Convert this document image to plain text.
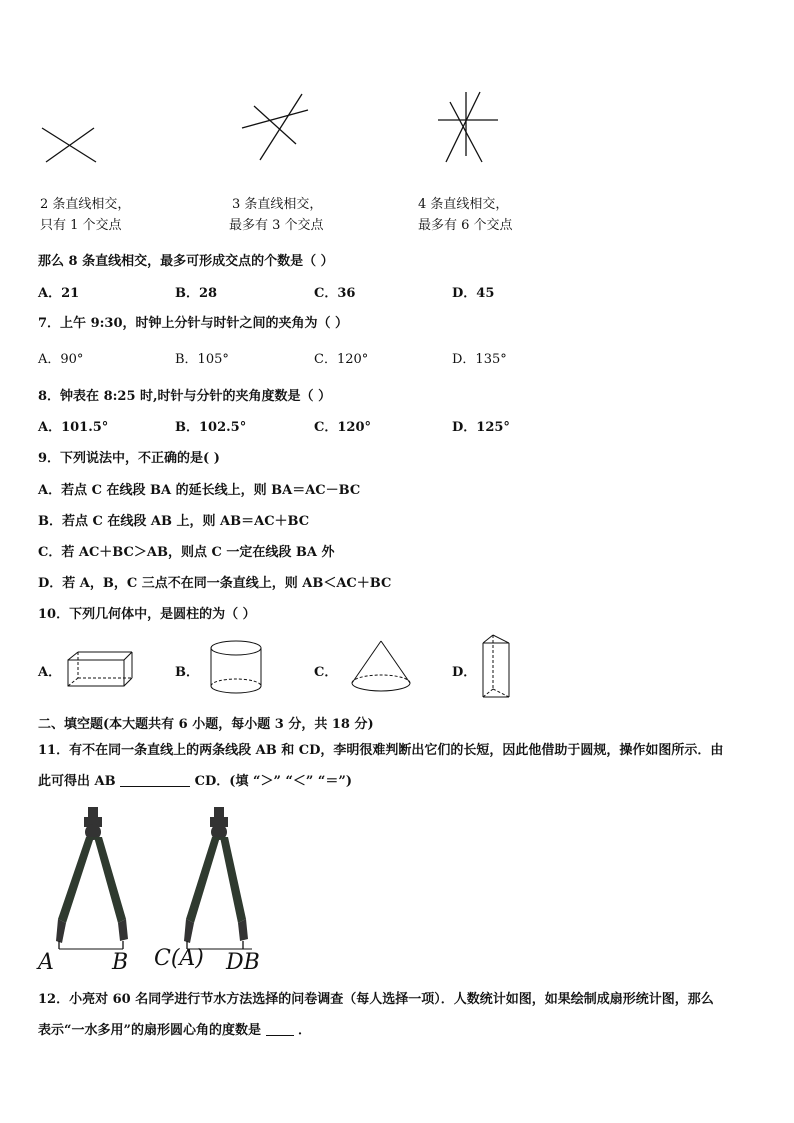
2 条直线相交，
只有 1 个交点
3 条直线相交，
最多有 3 个交点
4 条直线相交，
最多有 6 个交点
那么 8 条直线相交，最多可形成交点的个数是（ ）
A．21	B．28	C．36	D．45
7．上午 9:30，时钟上分针与时针之间的夹角为（ ）
A．90°	B．105°	C．120°	D．135°
8．钟表在 8:25 时,时针与分针的夹角度数是（ ）
A．101.5°	B．102.5°	C．120°	D．125°
9．下列说法中，不正确的是( )
A．若点 C 在线段 BA 的延长线上，则 BA＝AC－BC
B．若点 C 在线段 AB 上，则 AB＝AC＋BC
C．若 AC＋BC＞AB，则点 C 一定在线段 BA 外
D．若 A，B，C 三点不在同一条直线上，则 AB＜AC＋BC
10．下列几何体中，是圆柱的为（ ）
A．	B．	C．	D．
二、填空题(本大题共有 6 小题，每小题 3 分，共 18 分)
11．有不在同一条直线上的两条线段 AB 和 CD，李明很难判断出它们的长短，因此他借助于圆规，操作如图所示．由
此可得出 AB	CD．(填 “＞” “＜” “＝”)
A	B C(A) DB
12．小亮对 60 名同学进行节水方法选择的问卷调查（每人选择一项）．人数统计如图，如果绘制成扇形统计图，那么
表示“一水多用”的扇形圆心角的度数是	．
